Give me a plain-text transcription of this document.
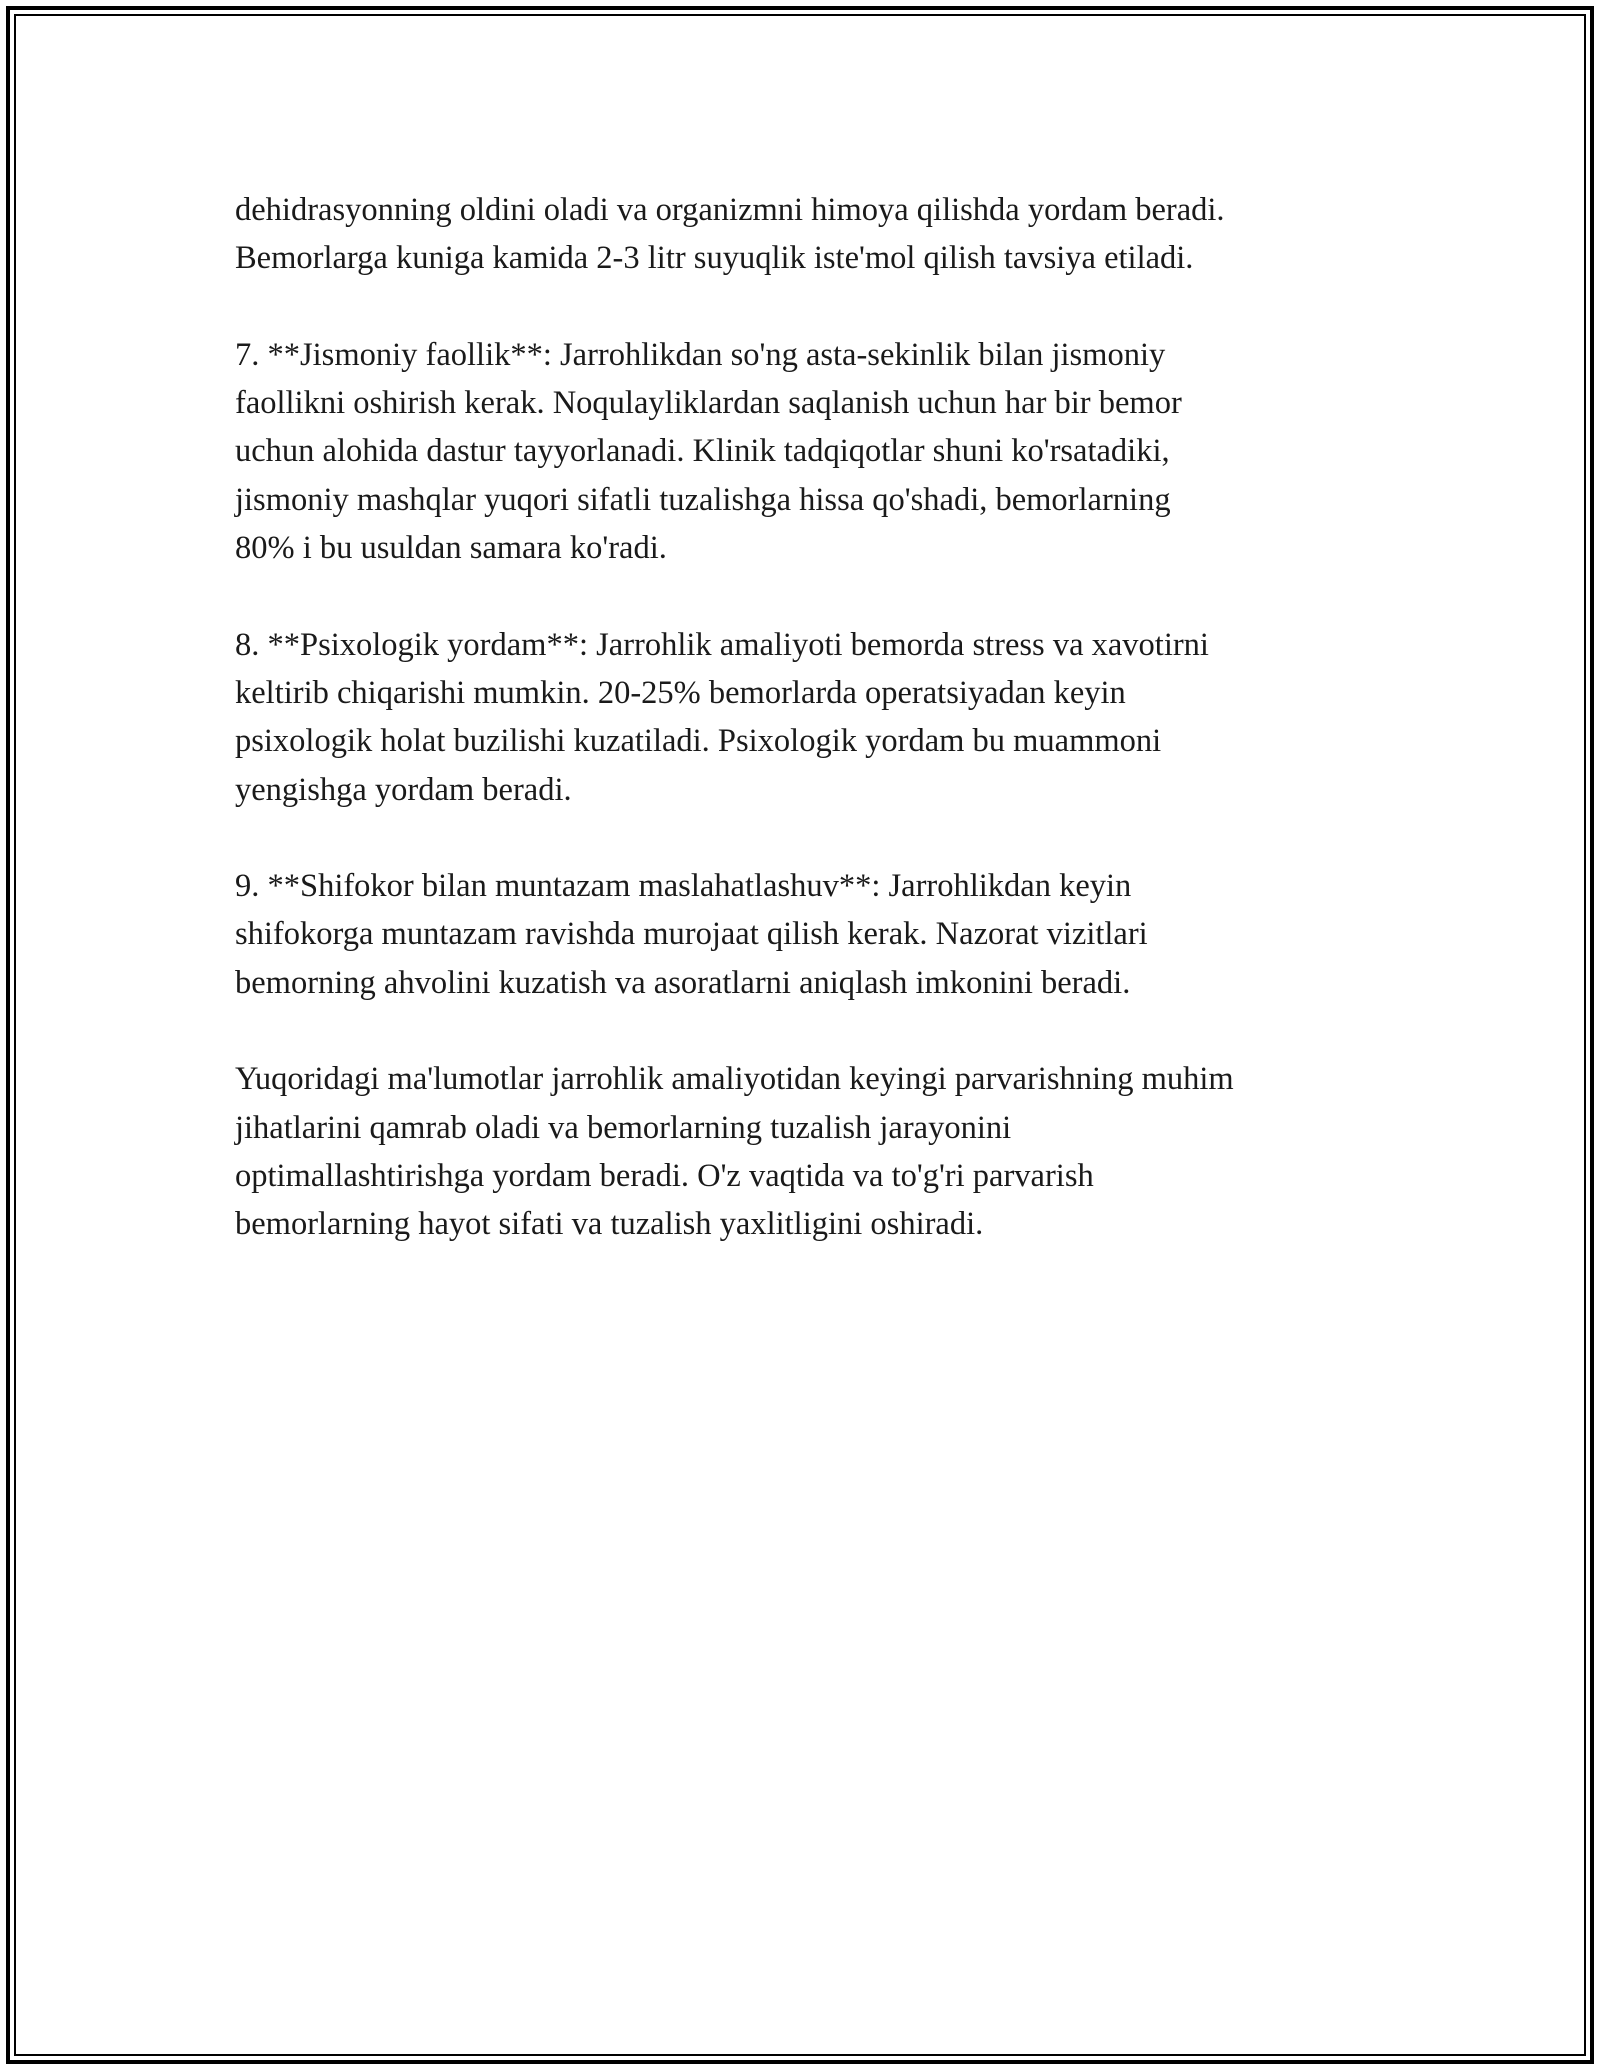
dehidrasyonning oldini oladi va organizmni himoya qilishda yordam beradi.
Bemorlarga kuniga kamida 2-3 litr suyuqlik iste'mol qilish tavsiya etiladi.

7. **Jismoniy faollik**: Jarrohlikdan so'ng asta-sekinlik bilan jismoniy
faollikni oshirish kerak. Noqulayliklardan saqlanish uchun har bir bemor
uchun alohida dastur tayyorlanadi. Klinik tadqiqotlar shuni ko'rsatadiki,
jismoniy mashqlar yuqori sifatli tuzalishga hissa qo'shadi, bemorlarning
80% i bu usuldan samara ko'radi.

8. **Psixologik yordam**: Jarrohlik amaliyoti bemorda stress va xavotirni
keltirib chiqarishi mumkin. 20-25% bemorlarda operatsiyadan keyin
psixologik holat buzilishi kuzatiladi. Psixologik yordam bu muammoni
yengishga yordam beradi.

9. **Shifokor bilan muntazam maslahatlashuv**: Jarrohlikdan keyin
shifokorga muntazam ravishda murojaat qilish kerak. Nazorat vizitlari
bemorning ahvolini kuzatish va asoratlarni aniqlash imkonini beradi.

Yuqoridagi ma'lumotlar jarrohlik amaliyotidan keyingi parvarishning muhim
jihatlarini qamrab oladi va bemorlarning tuzalish jarayonini
optimallashtirishga yordam beradi. O'z vaqtida va to'g'ri parvarish
bemorlarning hayot sifati va tuzalish yaxlitligini oshiradi.
